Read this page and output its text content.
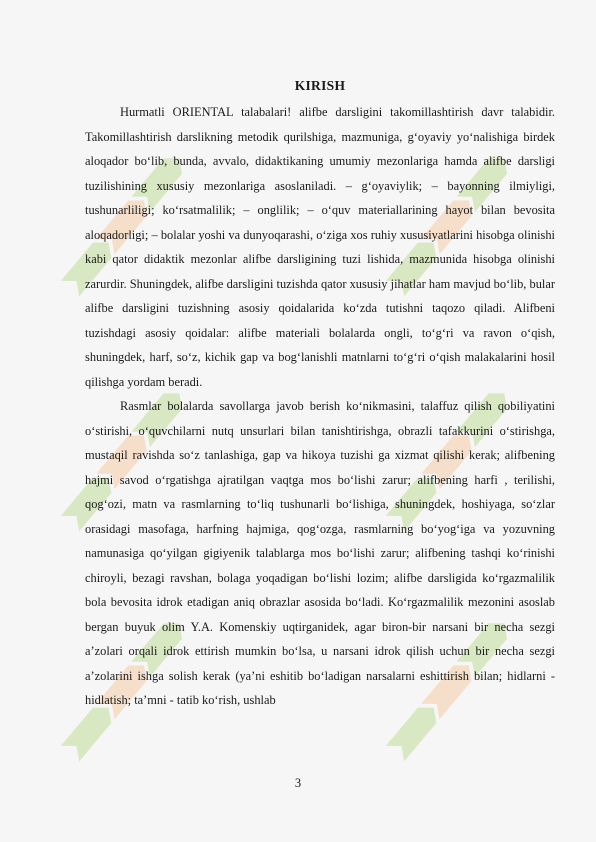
KIRISH

Hurmatli ORIENTAL talabalari! alifbe darsligini takomillashtirish davr talabidir. Takomillashtirish darslikning metodik qurilshiga, mazmuniga, g‘oyaviy yo‘nalishiga birdek aloqador bo‘lib, bunda, avvalo, didaktikaning umumiy mezonlariga hamda alifbe darsligi tuzilishining xususiy mezonlariga asoslaniladi. – g‘oyaviylik; – bayonning ilmiyligi, tushunarliligi; ko‘rsatmalilik; – onglilik; – o‘quv materiallarining hayot bilan bevosita aloqadorligi; – bolalar yoshi va dunyoqarashi, o‘ziga xos ruhiy xususiyatlarini hisobga olinishi kabi qator didaktik mezonlar alifbe darsligining tuzi lishida, mazmunida hisobga olinishi zarurdir. Shuningdek, alifbe darsligini tuzishda qator xususiy jihatlar ham mavjud bo‘lib, bular alifbe darsligini tuzishning asosiy qoidalarida ko‘zda tutishni taqozo qiladi. Alifbeni tuzishdagi asosiy qoidalar: alifbe materiali bolalarda ongli, to‘g‘ri va ravon o‘qish, shuningdek, harf, so‘z, kichik gap va bog‘lanishli matnlarni to‘g‘ri o‘qish malakalarini hosil qilishga yordam beradi.

Rasmlar bolalarda savollarga javob berish ko‘nikmasini, talaffuz qilish qobiliyatini o‘stirishi, o‘quvchilarni nutq unsurlari bilan tanishtirishga, obrazli tafakkurini o‘stirishga, mustaqil ravishda so‘z tanlashiga, gap va hikoya tuzishi ga xizmat qilishi kerak; alifbening hajmi savod o‘rgatishga ajratilgan vaqtga mos bo‘lishi zarur; alifbening harfi , terilishi, qog‘ozi, matn va rasmlarning to‘liq tushunarli bo‘lishiga, shuningdek, hoshiyaga, so‘zlar orasidagi masofaga, harfning hajmiga, qog‘ozga, rasmlarning bo‘yog‘iga va yozuvning namunasiga qo‘yilgan gigiyenik talablarga mos bo‘lishi zarur; alifbening tashqi ko‘rinishi chiroyli, bezagi ravshan, bolaga yoqadigan bo‘lishi lozim; alifbe darsligida ko‘rgazmalilik bola bevosita idrok etadigan aniq obrazlar asosida bo‘ladi. Ko‘rgazmalilik mezonini asoslab bergan buyuk olim Y.A. Komenskiy uqtirganidek, agar biron-bir narsani bir necha sezgi a’zolari orqali idrok ettirish mumkin bo‘lsa, u narsani idrok qilish uchun bir necha sezgi a’zolarini ishga solish kerak (ya’ni eshitib bo‘ladigan narsalarni eshittirish bilan; hidlarni - hidlatish; ta’mni - tatib ko‘rish, ushlab

3
